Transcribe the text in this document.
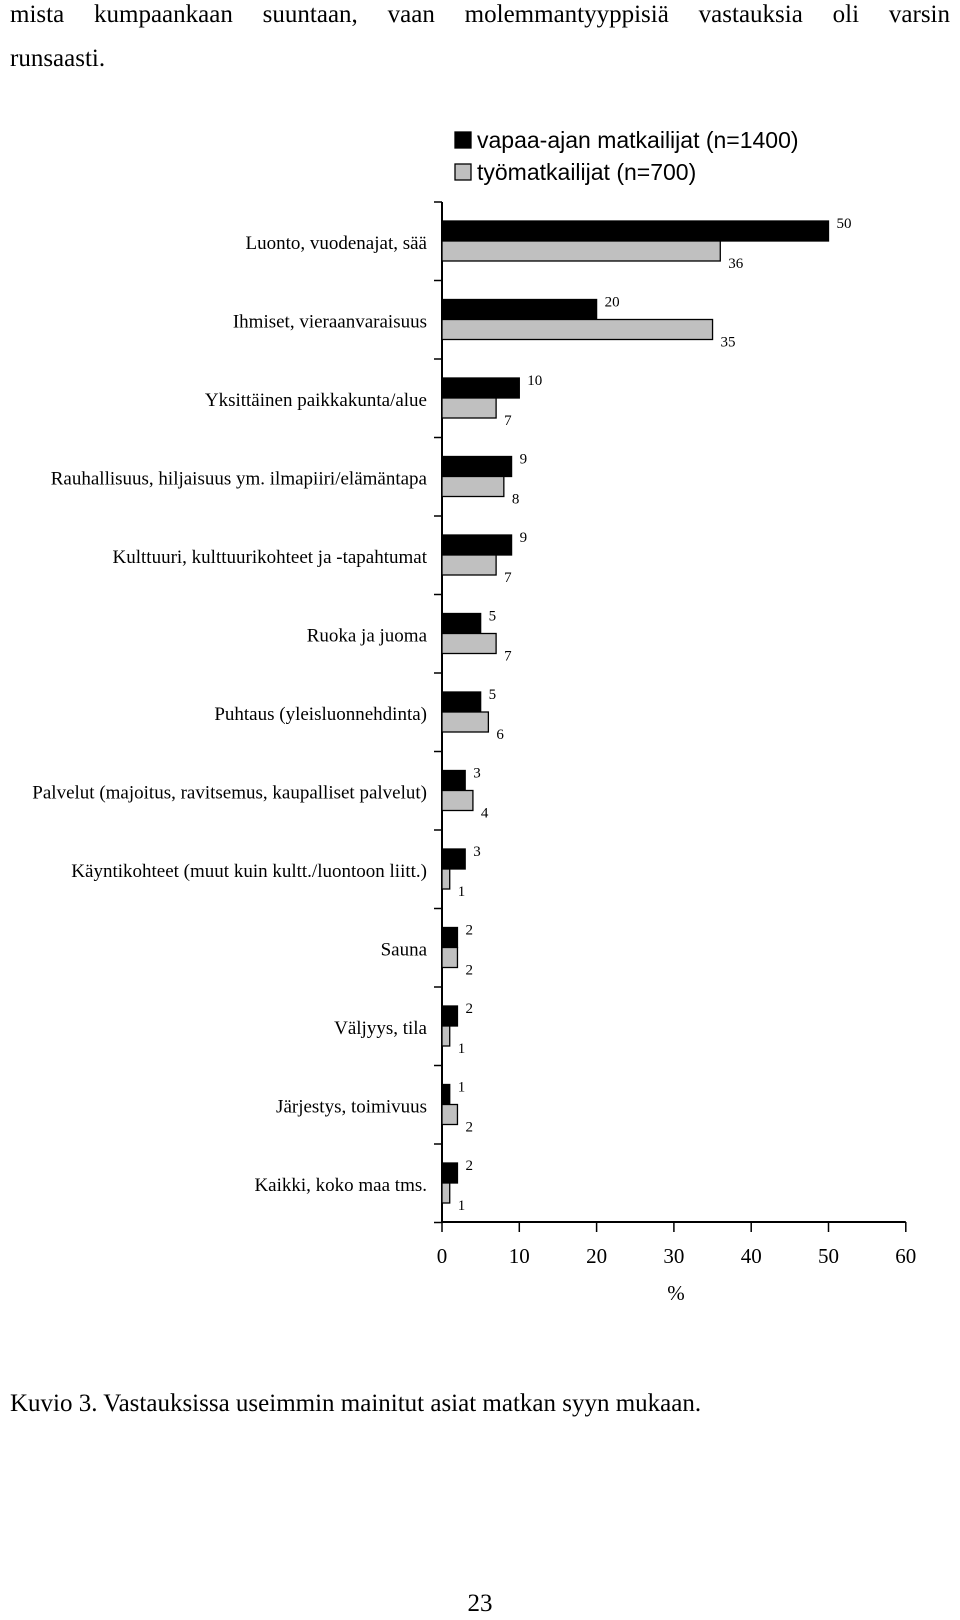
mista kumpaankaan suuntaan, vaan molemmantyyppisiä vastauksia oli varsin

runsaasti.

vapaa-ajan matkailijat (n=1400)
työmatkailijat (n=700)
0	10	20	30	40	50	60
%
Luonto, vuodenajat, sää
Ihmiset, vieraanvaraisuus
Yksittäinen paikkakunta/alue
Rauhallisuus, hiljaisuus ym. ilmapiiri/elämäntapa
Kulttuuri, kulttuurikohteet ja -tapahtumat
Ruoka ja juoma
Puhtaus (yleisluonnehdinta)
Palvelut (majoitus, ravitsemus, kaupalliset palvelut)
Käyntikohteet (muut kuin kultt./luontoon liitt.)
Sauna
Väljyys, tila
Järjestys, toimivuus
Kaikki, koko maa tms.
50
36
20
35
10
7
9
8
9
7
5
7
5
6
3
4
3
1
2
2
2
1
1
2
2
1

Kuvio 3. Vastauksissa useimmin mainitut asiat matkan syyn mukaan.

23
